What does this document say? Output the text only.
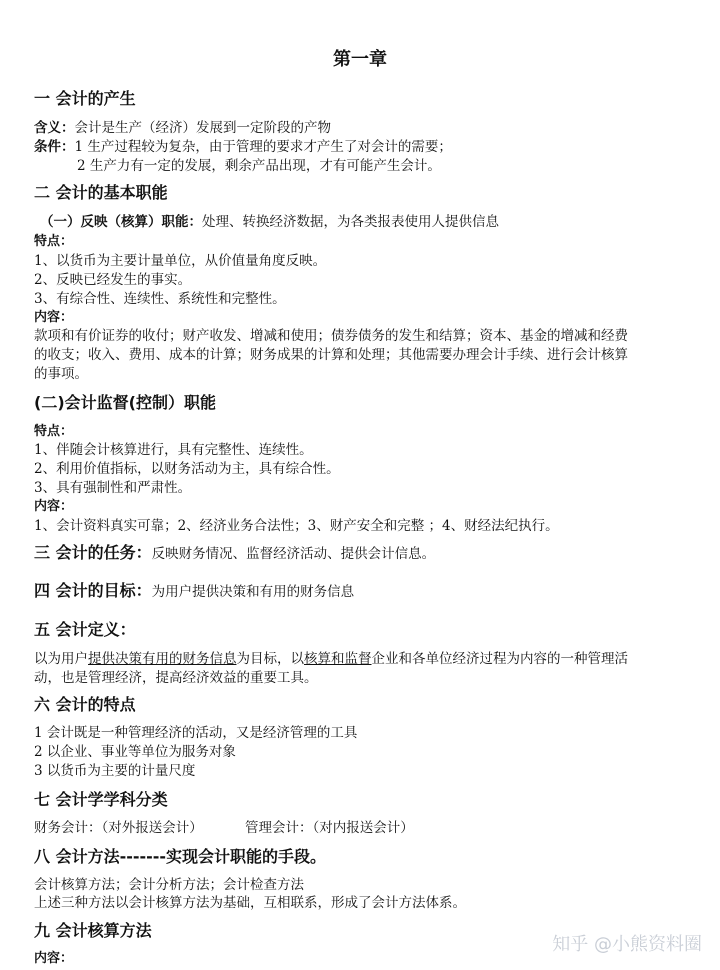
第一章
一 会计的产生
含义：会计是生产（经济）发展到一定阶段的产物
条件：1 生产过程较为复杂，由于管理的要求才产生了对会计的需要；
2 生产力有一定的发展，剩余产品出现，才有可能产生会计。
二 会计的基本职能
（一）反映（核算）职能：处理、转换经济数据，为各类报表使用人提供信息
特点：
1、以货币为主要计量单位，从价值量角度反映。
2、反映已经发生的事实。
3、有综合性、连续性、系统性和完整性。
内容：
款项和有价证券的收付；财产收发、增减和使用；债券债务的发生和结算；资本、基金的增减和经费
的收支；收入、费用、成本的计算；财务成果的计算和处理；其他需要办理会计手续、进行会计核算
的事项。
(二)会计监督(控制）职能
特点：
1、伴随会计核算进行，具有完整性、连续性。
2、利用价值指标，以财务活动为主，具有综合性。
3、具有强制性和严肃性。
内容：
1、会计资料真实可靠；2、经济业务合法性；3、财产安全和完整 ；4、财经法纪执行。
三 会计的任务：反映财务情况、监督经济活动、提供会计信息。
四 会计的目标：为用户提供决策和有用的财务信息
五 会计定义：
以为用户提供决策有用的财务信息为目标，以核算和监督企业和各单位经济过程为内容的一种管理活
动，也是管理经济，提高经济效益的重要工具。
六 会计的特点
1 会计既是一种管理经济的活动，又是经济管理的工具
2 以企业、事业等单位为服务对象
3 以货币为主要的计量尺度
七 会计学学科分类
财务会计：（对外报送会计）	管理会计：（对内报送会计）
八 会计方法-------实现会计职能的手段。
会计核算方法；会计分析方法；会计检查方法
上述三种方法以会计核算方法为基础，互相联系，形成了会计方法体系。
九 会计核算方法
内容：
知乎 @小熊资料圈
